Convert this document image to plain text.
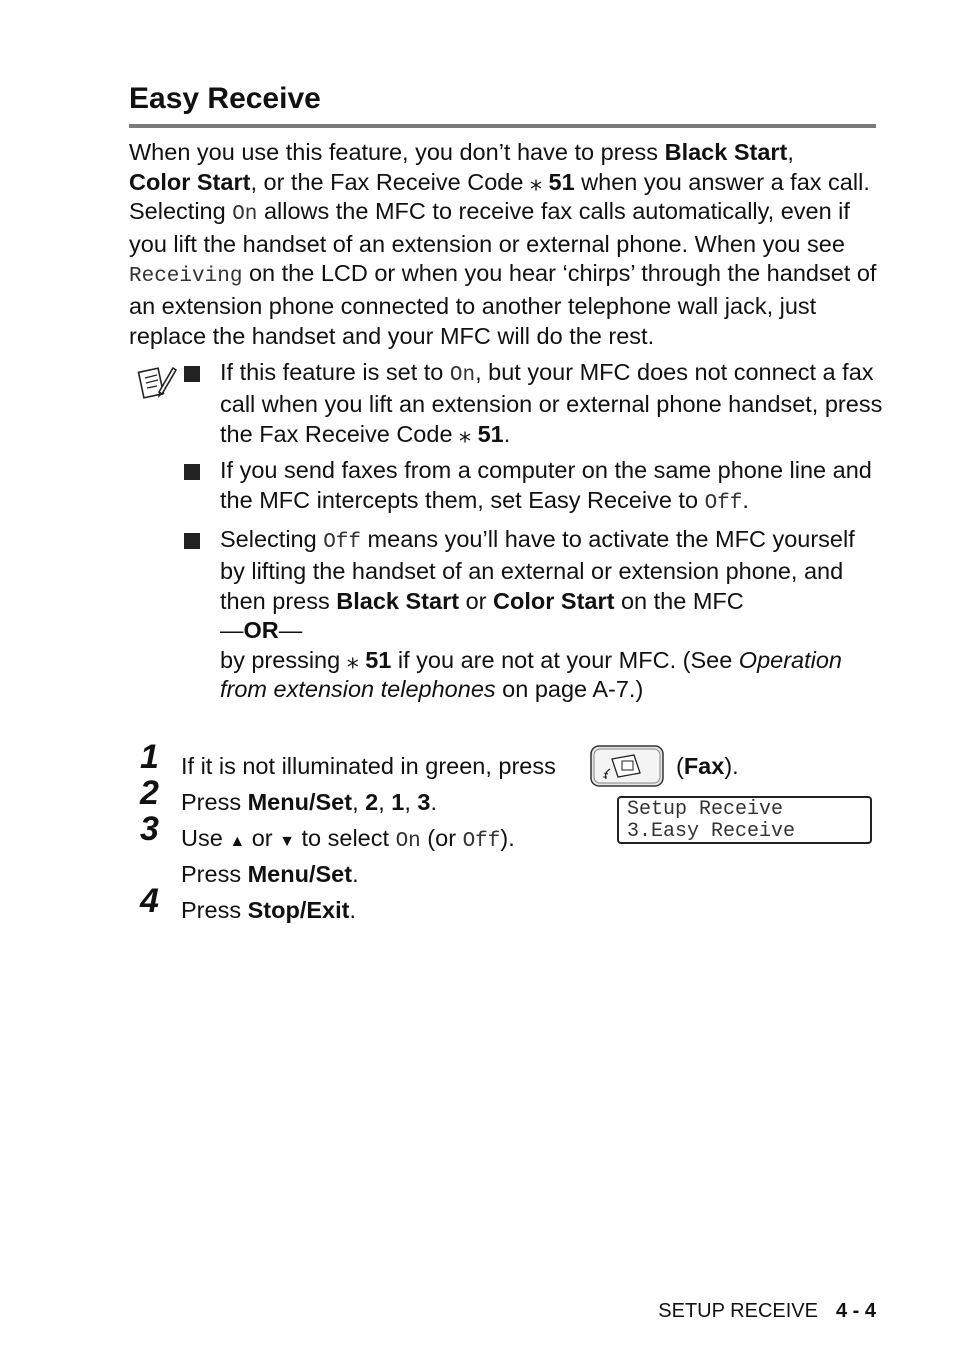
Easy Receive

When you use this feature, you don’t have to press Black Start,
Color Start, or the Fax Receive Code ⁎ 51 when you answer a fax call. Selecting On allows the MFC to receive fax calls automatically, even if you lift the handset of an extension or external phone. When you see Receiving on the LCD or when you hear ‘chirps’ through the handset of an extension phone connected to another telephone wall jack, just replace the handset and your MFC will do the rest.

If this feature is set to On, but your MFC does not connect a fax call when you lift an extension or external phone handset, press the Fax Receive Code ⁎ 51.
If you send faxes from a computer on the same phone line and the MFC intercepts them, set Easy Receive to Off.
Selecting Off means you’ll have to activate the MFC yourself by lifting the handset of an external or extension phone, and then press Black Start or Color Start on the MFC
—OR—
by pressing ⁎ 51 if you are not at your MFC. (See Operation from extension telephones on page A-7.)
1 If it is not illuminated in green, press	(Fax).
2 Press Menu/Set, 2, 1, 3.	Setup Receive
3.Easy Receive
3 Use ▲ or ▼ to select On (or Off).
Press Menu/Set.
4 Press Stop/Exit.
SETUP RECEIVE 4 - 4
